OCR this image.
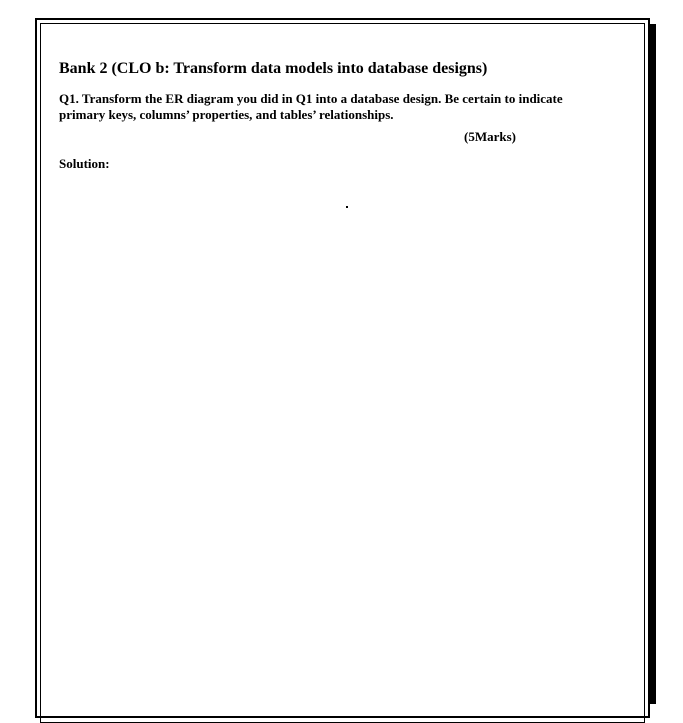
Bank 2 (CLO b: Transform data models into database designs)
Q1. Transform the ER diagram you did in Q1 into a database design. Be certain to indicate
primary keys, columns’ properties, and tables’ relationships.
(5Marks)
Solution:
